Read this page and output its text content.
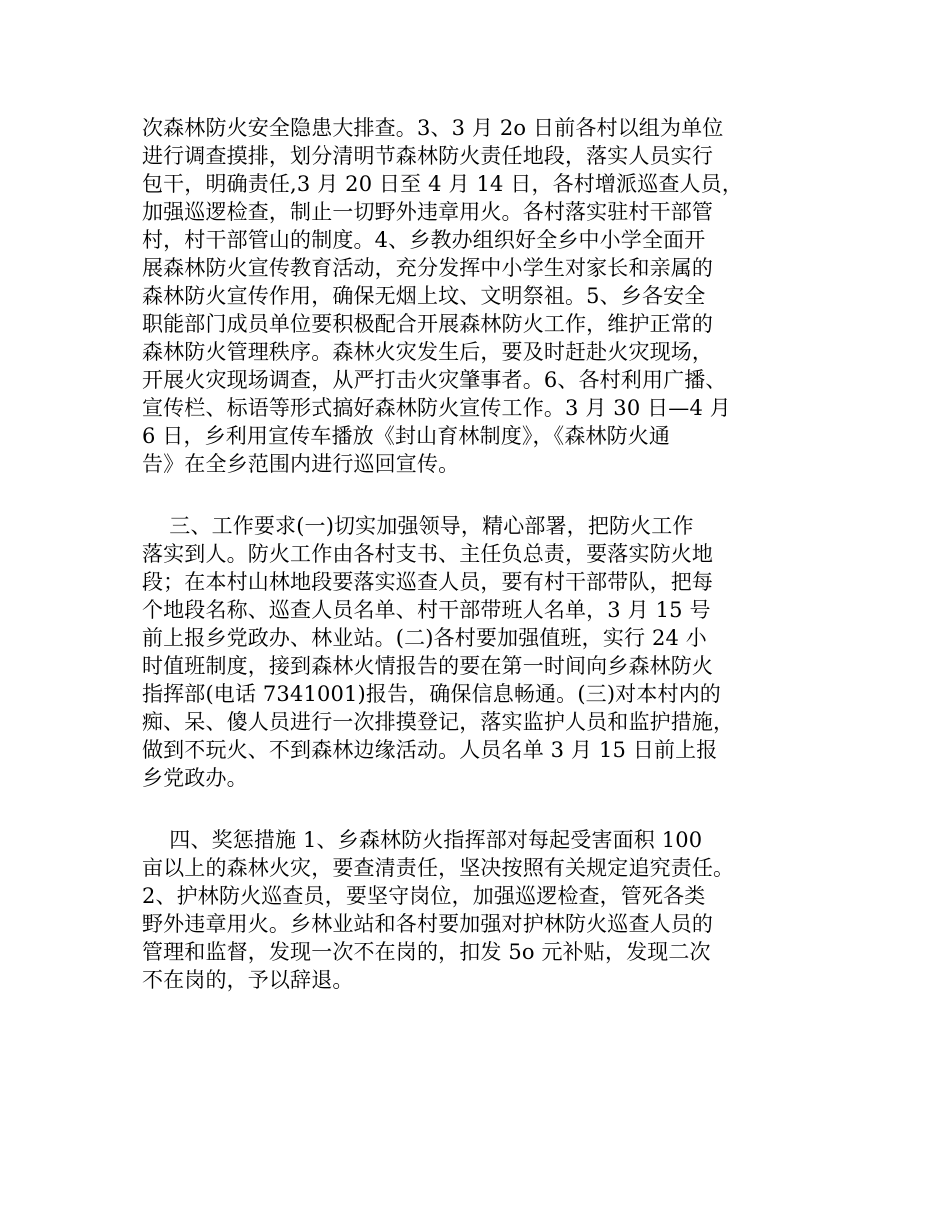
次森林防火安全隐患大排查。3、3 月 2o 日前各村以组为单位
进行调查摸排，划分清明节森林防火责任地段，落实人员实行
包干，明确责任,3 月 20 日至 4 月 14 日，各村增派巡查人员，
加强巡逻检查，制止一切野外违章用火。各村落实驻村干部管
村，村干部管山的制度。4、乡教办组织好全乡中小学全面开
展森林防火宣传教育活动，充分发挥中小学生对家长和亲属的
森林防火宣传作用，确保无烟上坟、文明祭祖。5、乡各安全
职能部门成员单位要积极配合开展森林防火工作，维护正常的
森林防火管理秩序。森林火灾发生后，要及时赶赴火灾现场，
开展火灾现场调查，从严打击火灾肇事者。6、各村利用广播、
宣传栏、标语等形式搞好森林防火宣传工作。3 月 30 日—4 月
6 日，乡利用宣传车播放《封山育林制度》，《森林防火通
告》在全乡范围内进行巡回宣传。
三、工作要求(一)切实加强领导，精心部署，把防火工作
落实到人。防火工作由各村支书、主任负总责，要落实防火地
段；在本村山林地段要落实巡查人员，要有村干部带队，把每
个地段名称、巡查人员名单、村干部带班人名单，3 月 15 号
前上报乡党政办、林业站。(二)各村要加强值班，实行 24 小
时值班制度，接到森林火情报告的要在第一时间向乡森林防火
指挥部(电话 7341001)报告，确保信息畅通。(三)对本村内的
痴、呆、傻人员进行一次排摸登记，落实监护人员和监护措施，
做到不玩火、不到森林边缘活动。人员名单 3 月 15 日前上报
乡党政办。
四、奖惩措施 1、乡森林防火指挥部对每起受害面积 100
亩以上的森林火灾，要查清责任，坚决按照有关规定追究责任。
2、护林防火巡查员，要坚守岗位，加强巡逻检查，管死各类
野外违章用火。乡林业站和各村要加强对护林防火巡查人员的
管理和监督，发现一次不在岗的，扣发 5o 元补贴，发现二次
不在岗的，予以辞退。
